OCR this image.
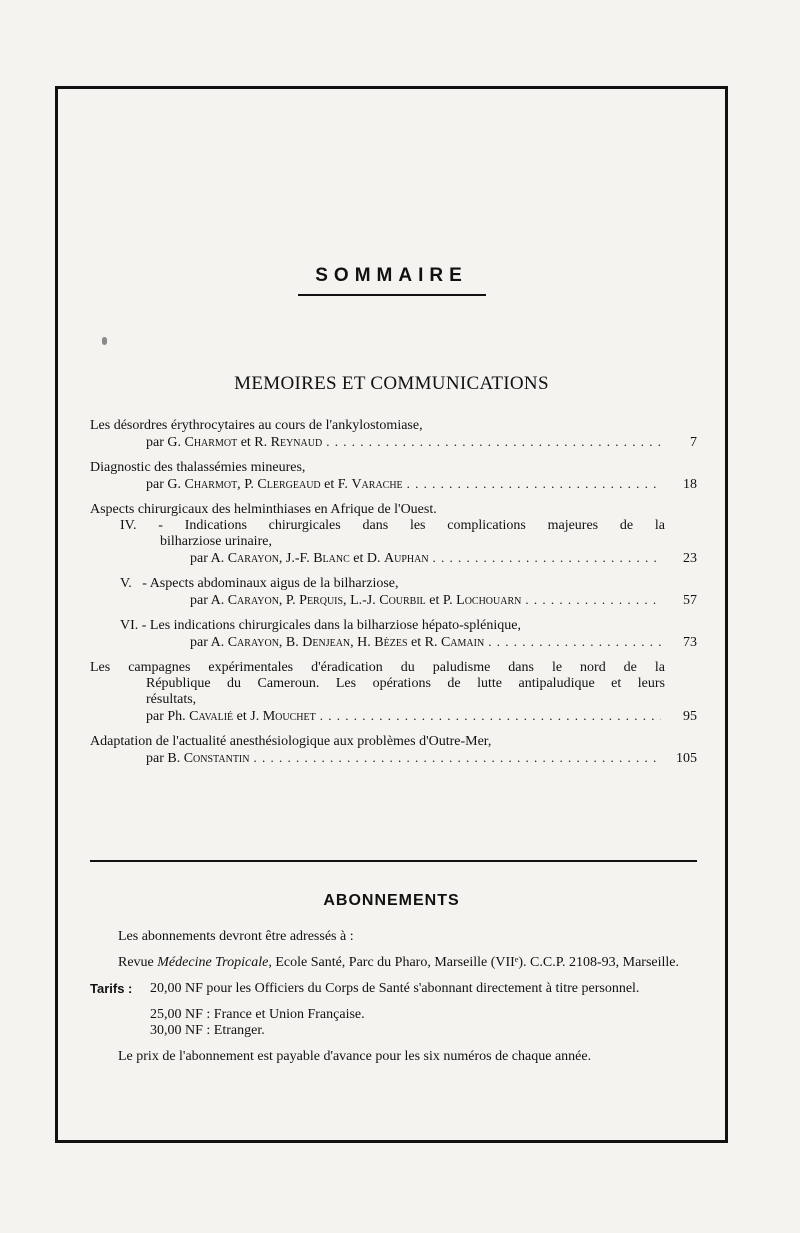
SOMMAIRE
MEMOIRES ET COMMUNICATIONS
Les désordres érythrocytaires au cours de l'ankylostomiase,
par G. Charmot et R. Reynaud . . .	7
Diagnostic des thalassémies mineures,
par G. Charmot, P. Clergeaud et F. Varache . . .	18
Aspects chirurgicaux des helminthiases en Afrique de l'Ouest.
IV. - Indications chirurgicales dans les complications majeures de la
bilharziose urinaire,
par A. Carayon, J.-F. Blanc et D. Auphan . . .	23
V.   - Aspects abdominaux aigus de la bilharziose,
par A. Carayon, P. Perquis, L.-J. Courbil et P. Lochouarn . . .	57
VI. - Les indications chirurgicales dans la bilharziose hépato-splénique,
par A. Carayon, B. Denjean, H. Bèzes et R. Camain . . .	73
Les campagnes expérimentales d'éradication du paludisme dans le nord de la
République du Cameroun. Les opérations de lutte antipaludique et leurs
résultats,
par Ph. Cavalié et J. Mouchet . . .	95
Adaptation de l'actualité anesthésiologique aux problèmes d'Outre-Mer,
par B. Constantin . . .	105
ABONNEMENTS

Les abonnements devront être adressés à :

Revue Médecine Tropicale, Ecole Santé, Parc du Pharo, Marseille (VIIᵉ). C.C.P. 2108-93, Marseille.

Tarifs :	20,00 NF pour les Officiers du Corps de Santé s'abonnant directement à titre personnel.
25,00 NF : France et Union Française.
30,00 NF : Etranger.

Le prix de l'abonnement est payable d'avance pour les six numéros de chaque année.
